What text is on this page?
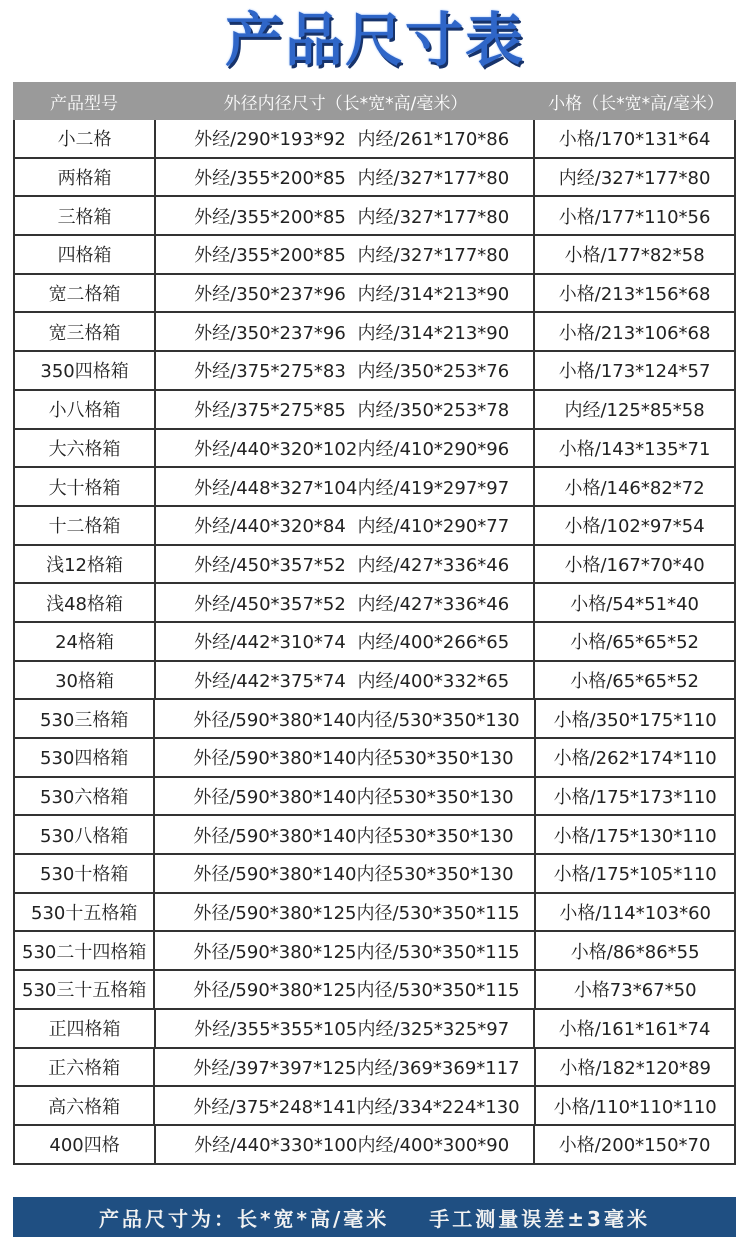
产品尺寸表
产品型号	外径内径尺寸（长*宽*高/毫米）	小格（长*宽*高/毫米）
小二格	外经/290*193*92 内经/261*170*86	小格/170*131*64
两格箱	外经/355*200*85 内经/327*177*80	内经/327*177*80
三格箱	外经/355*200*85 内经/327*177*80	小格/177*110*56
四格箱	外经/355*200*85 内经/327*177*80	小格/177*82*58
宽二格箱	外经/350*237*96 内经/314*213*90	小格/213*156*68
宽三格箱	外经/350*237*96 内经/314*213*90	小格/213*106*68
350四格箱	外经/375*275*83 内经/350*253*76	小格/173*124*57
小八格箱	外经/375*275*85 内经/350*253*78	内经/125*85*58
大六格箱	外经/440*320*102 内经/410*290*96	小格/143*135*71
大十格箱	外经/448*327*104 内经/419*297*97	小格/146*82*72
十二格箱	外经/440*320*84 内经/410*290*77	小格/102*97*54
浅12格箱	外经/450*357*52 内经/427*336*46	小格/167*70*40
浅48格箱	外经/450*357*52 内经/427*336*46	小格/54*51*40
24格箱	外经/442*310*74 内经/400*266*65	小格/65*65*52
30格箱	外经/442*375*74 内经/400*332*65	小格/65*65*52
530三格箱	外径/590*380*140 内径/530*350*130	小格/350*175*110
530四格箱	外径/590*380*140 内径530*350*130	小格/262*174*110
530六格箱	外径/590*380*140 内径530*350*130	小格/175*173*110
530八格箱	外径/590*380*140 内径530*350*130	小格/175*130*110
530十格箱	外径/590*380*140 内径530*350*130	小格/175*105*110
530十五格箱	外径/590*380*125 内径/530*350*115	小格/114*103*60
530二十四格箱	外径/590*380*125 内径/530*350*115	小格/86*86*55
530三十五格箱	外径/590*380*125 内径/530*350*115	小格73*67*50
正四格箱	外经/355*355*105 内经/325*325*97	小格/161*161*74
正六格箱	外经/397*397*125 内经/369*369*117	小格/182*120*89
高六格箱	外经/375*248*141 内经/334*224*130	小格/110*110*110
400四格	外经/440*330*100 内经/400*300*90	小格/200*150*70
产品尺寸为：长*宽*高/毫米 手工测量误差±3毫米
